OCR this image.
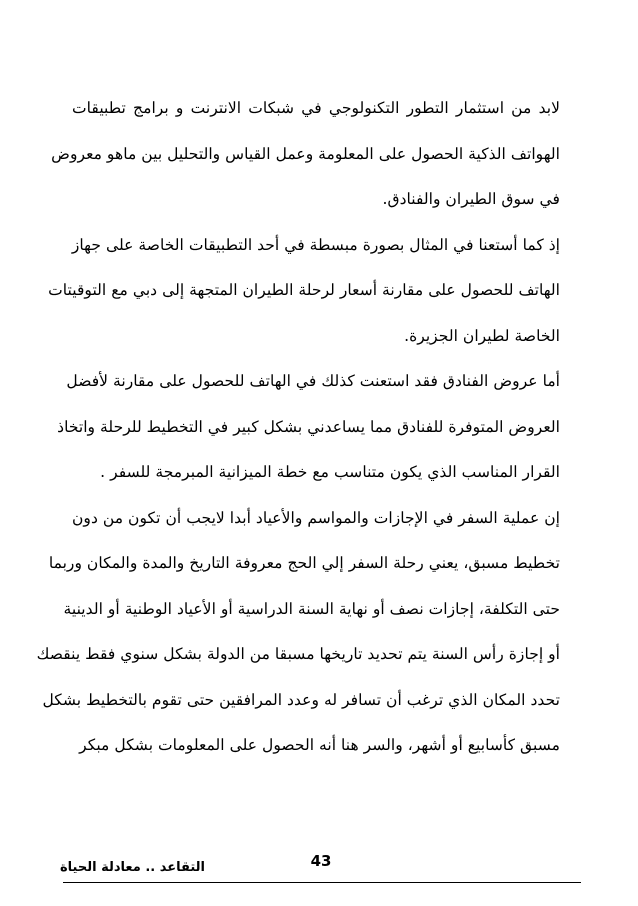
لابد من استثمار التطور التكنولوجي في شبكات الانترنت و برامج تطبيقات
الهواتف الذكية الحصول على المعلومة وعمل القياس والتحليل بين ماهو معروض
في سوق الطيران والفنادق.
إذ كما أستعنا في المثال بصورة مبسطة في أحد التطبيقات الخاصة على جهاز
الهاتف للحصول على مقارنة أسعار لرحلة الطيران المتجهة إلى دبي مع التوقيتات
الخاصة لطيران الجزيرة.
أما عروض الفنادق فقد استعنت كذلك في الهاتف للحصول على مقارنة لأفضل
العروض المتوفرة للفنادق مما يساعدني بشكل كبير في التخطيط للرحلة واتخاذ
القرار المناسب الذي يكون متناسب مع خطة الميزانية المبرمجة للسفر .
إن عملية السفر في الإجازات والمواسم والأعياد أبدا لايجب أن تكون من دون
تخطيط مسبق، يعني رحلة السفر إلي الحج معروفة التاريخ والمدة والمكان وربما
حتى التكلفة، إجازات نصف أو نهاية السنة الدراسية أو الأعياد الوطنية أو الدينية
أو إجازة رأس السنة يتم تحديد تاريخها مسبقا من الدولة بشكل سنوي فقط ينقصك
تحدد المكان الذي ترغب أن تسافر له وعدد المرافقين حتى تقوم بالتخطيط بشكل
مسبق كأسابيع أو أشهر، والسر هنا أنه الحصول على المعلومات بشكل مبكر
43
التقاعد .. معادلة الحياة
